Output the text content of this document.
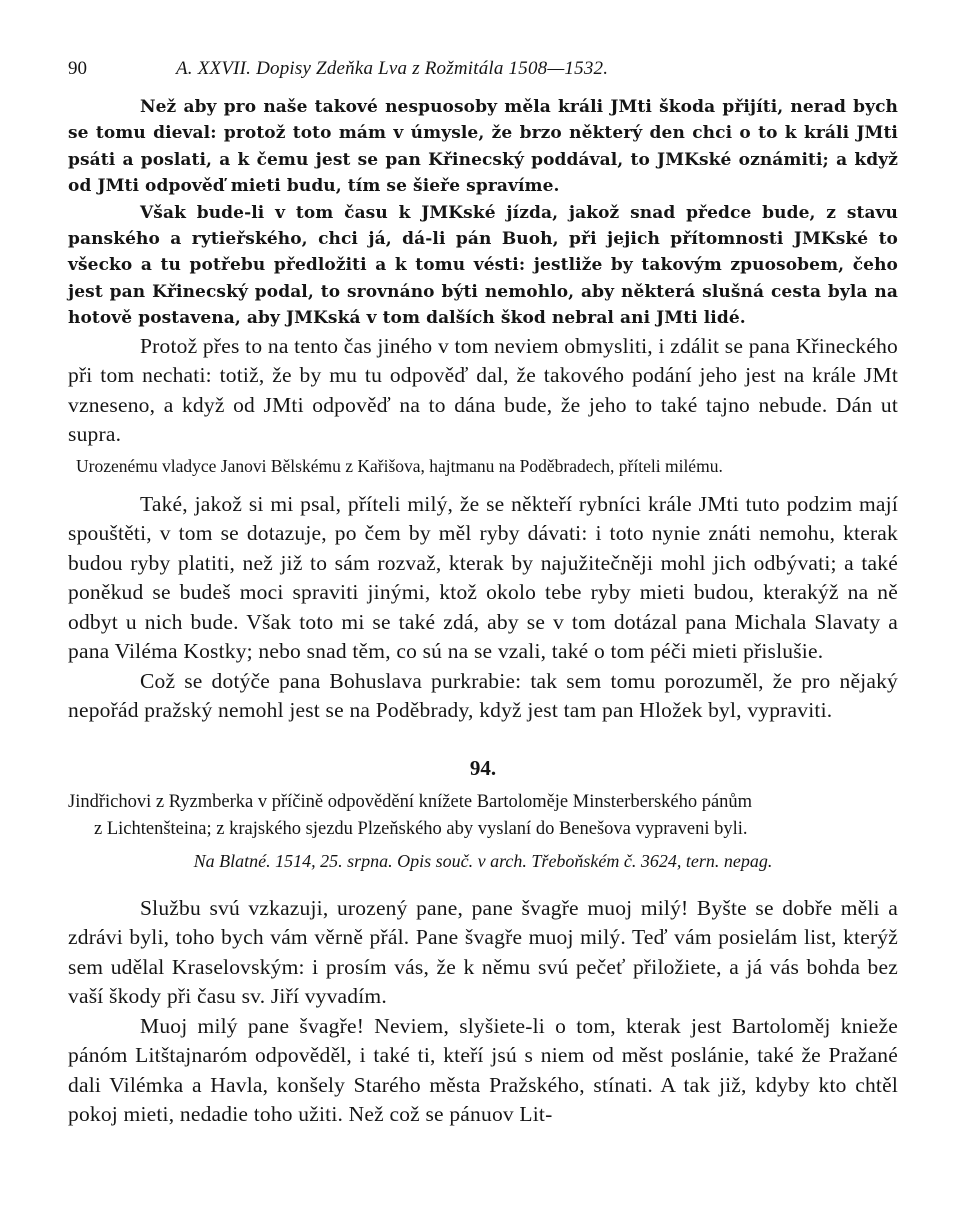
90	A. XXVII. Dopisy Zdeňka Lva z Rožmitála 1508—1532.

Než aby pro naše takové nespuosoby měla králi JMti škoda přijíti, nerad bych se tomu dieval: protož toto mám v úmysle, že brzo některý den chci o to k králi JMti psáti a poslati, a k čemu jest se pan Křinecský poddával, to JMKské oznámiti; a když od JMti odpověď mieti budu, tím se šieře spravíme.

Však bude-li v tom času k JMKské jízda, jakož snad předce bude, z stavu panského a rytieřského, chci já, dá-li pán Buoh, při jejich přítomnosti JMKské to všecko a tu potřebu předložiti a k tomu vésti: jestliže by takovým zpuosobem, čeho jest pan Křinecský podal, to srovnáno býti nemohlo, aby některá slušná cesta byla na hotově postavena, aby JMKská v tom dalších škod nebral ani JMti lidé.

Protož přes to na tento čas jiného v tom neviem obmysliti, i zdálit se pana Křineckého při tom nechati: totiž, že by mu tu odpověď dal, že takového podání jeho jest na krále JMt vzneseno, a když od JMti odpověď na to dána bude, že jeho to také tajno nebude. Dán ut supra.

Urozenému vladyce Janovi Bělskému z Kařišova, hajtmanu na Poděbradech, příteli milému.

Také, jakož si mi psal, příteli milý, že se někteří rybníci krále JMti tuto podzim mají spouštěti, v tom se dotazuje, po čem by měl ryby dávati: i toto nynie znáti nemohu, kterak budou ryby platiti, než již to sám rozvaž, kterak by najužitečněji mohl jich odbývati; a také poněkud se budeš moci spraviti jinými, ktož okolo tebe ryby mieti budou, kterakýž na ně odbyt u nich bude. Však toto mi se také zdá, aby se v tom dotázal pana Michala Slavaty a pana Viléma Kostky; nebo snad těm, co sú na se vzali, také o tom péči mieti přislušie.

Což se dotýče pana Bohuslava purkrabie: tak sem tomu porozuměl, že pro nějaký nepořád pražský nemohl jest se na Poděbrady, když jest tam pan Hložek byl, vypraviti.

94.
Jindřichovi z Ryzmberka v příčině odpovědění knížete Bartoloměje Minsterberského pánům
z Lichtenšteina; z krajského sjezdu Plzeňského aby vyslaní do Benešova vypraveni byli.
Na Blatné. 1514, 25. srpna. Opis souč. v arch. Třeboňském č. 3624, tern. nepag.

Službu svú vzkazuji, urozený pane, pane švagře muoj milý! Byšte se dobře měli a zdrávi byli, toho bych vám věrně přál. Pane švagře muoj milý. Teď vám posielám list, kterýž sem udělal Kraselovským: i prosím vás, že k němu svú pečeť přiložiete, a já vás bohda bez vaší škody při času sv. Jiří vyvadím.

Muoj milý pane švagře! Neviem, slyšiete-li o tom, kterak jest Bartoloměj knieže pánóm Litštajnaróm odpověděl, i také ti, kteří jsú s niem od měst poslánie, také že Pražané dali Vilémka a Havla, konšely Starého města Pražského, stínati. A tak již, kdyby kto chtěl pokoj mieti, nedadie toho užiti. Než což se pánuov Lit-
